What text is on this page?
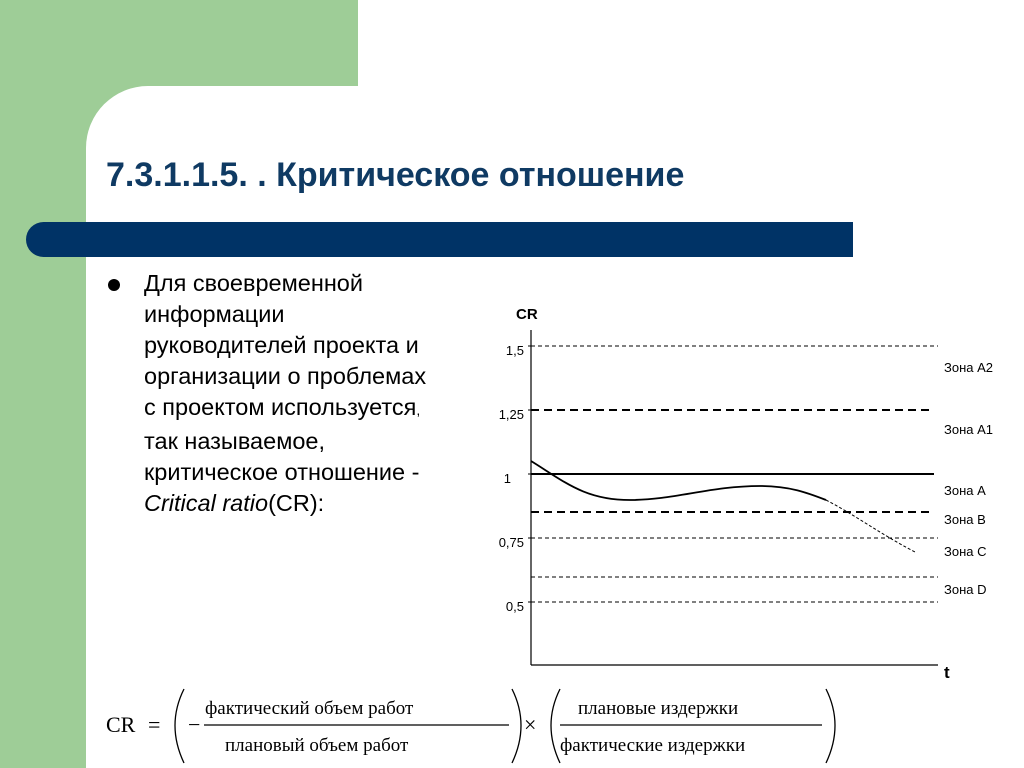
7.3.1.1.5. . Критическое отношение
Для своевременной
информации
руководителей проекта и
организации о проблемах
с проектом используется,
так называемое,
критическое отношение -
Critical ratio(CR):
CR
t
1,5
1,25
1
0,75
0,5
Зона А2
Зона А1
Зона А
Зона В
Зона С
Зона D
CR = −
фактический объем работ
плановый объем работ
×
плановые издержки
фактические издержки
